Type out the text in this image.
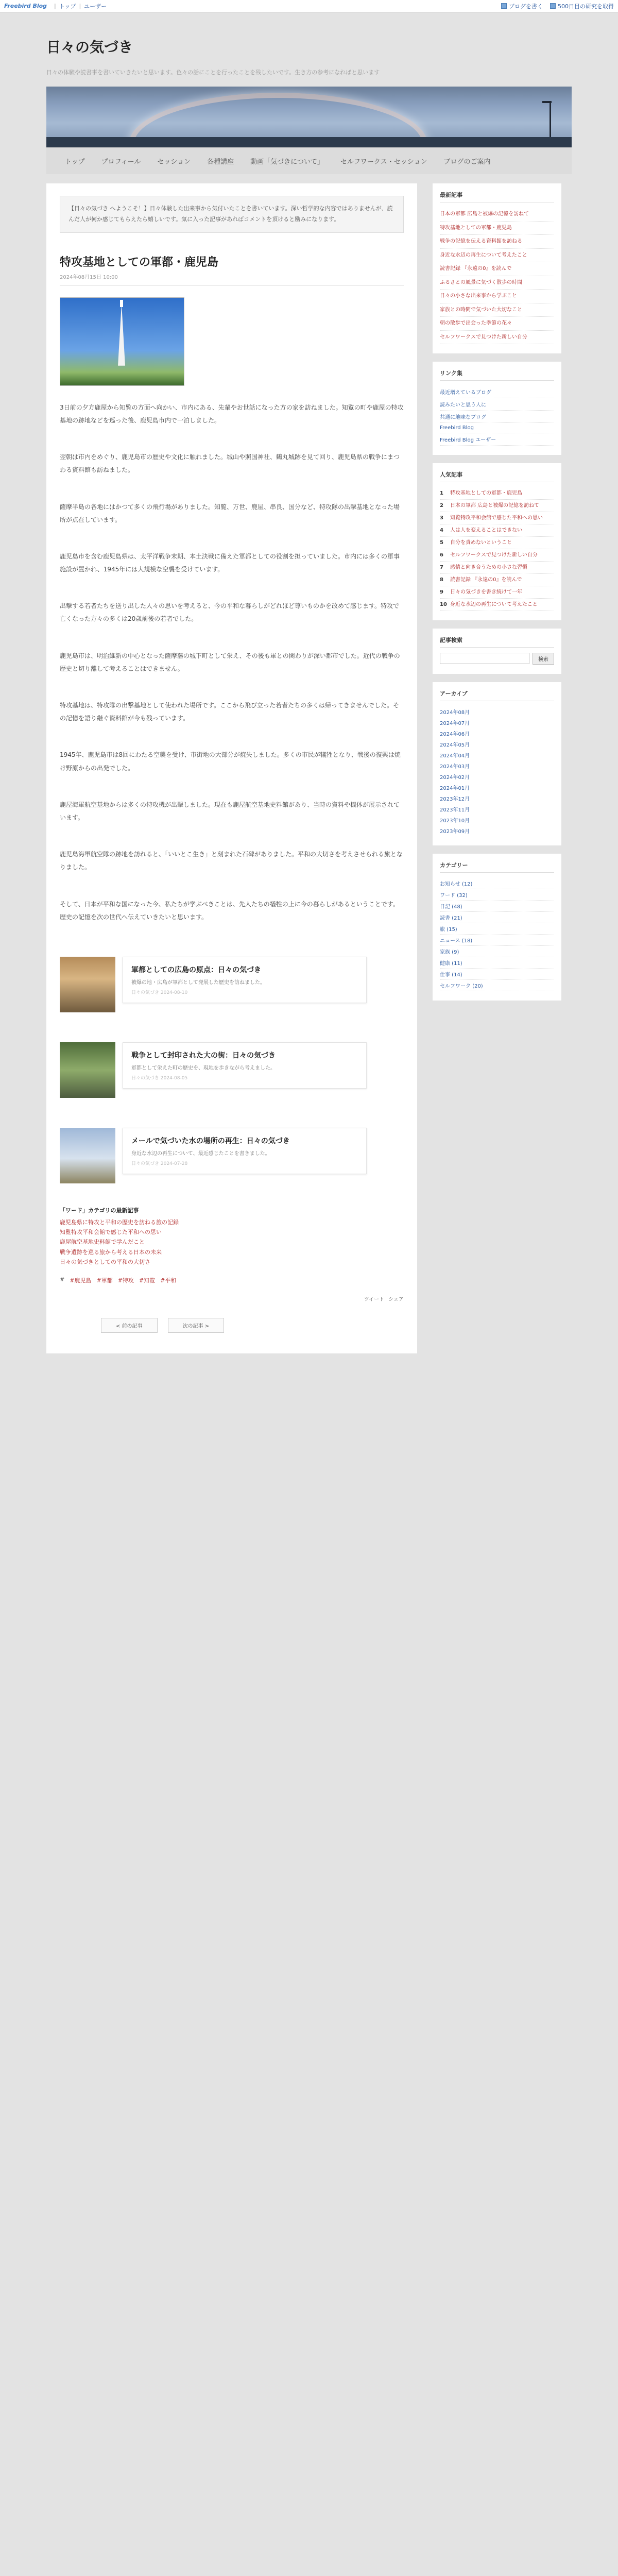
Freebird Blog | トップ | ユーザー	ブログを書く	500日目の研究を取得
日々の気づき
日々の体験や読書事を書いていきたいと思います。色々の話にことを行ったことを残したいです。生き方の参考になればと思います
トップ	プロフィール	セッション	各種講座	動画「気づきについて」	セルフワークス・セッション	ブログのご案内
【日々の気づき へようこそ！】日々体験した出来事から気付いたことを書いています。深い哲学的な内容ではありませんが、読んだ人が何か感じてもらえたら嬉しいです。気に入った記事があればコメントを頂けると励みになります。
特攻基地としての軍都・鹿児島
2024年08月15日 10:00

3日前の夕方鹿屋から知覧の方面へ向かい、市内にある、先輩やお世話になった方の家を訪ねました。知覧の町や鹿屋の特攻基地の跡地などを巡った後、鹿児島市内で一泊しました。

翌朝は市内をめぐり、鹿児島市の歴史や文化に触れました。城山や照国神社、鶴丸城跡を見て回り、鹿児島県の戦争にまつわる資料館も訪ねました。

薩摩半島の各地にはかつて多くの飛行場がありました。知覧、万世、鹿屋、串良、国分など、特攻隊の出撃基地となった場所が点在しています。

鹿児島市を含む鹿児島県は、太平洋戦争末期、本土決戦に備えた軍都としての役割を担っていました。市内には多くの軍事施設が置かれ、1945年には大規模な空襲を受けています。

出撃する若者たちを送り出した人々の思いを考えると、今の平和な暮らしがどれほど尊いものかを改めて感じます。特攻で亡くなった方々の多くは20歳前後の若者でした。

鹿児島市は、明治維新の中心となった薩摩藩の城下町として栄え、その後も軍との関わりが深い都市でした。近代の戦争の歴史と切り離して考えることはできません。

特攻基地は、特攻隊の出撃基地として使われた場所です。ここから飛び立った若者たちの多くは帰ってきませんでした。その記憶を語り継ぐ資料館が今も残っています。

1945年、鹿児島市は8回にわたる空襲を受け、市街地の大部分が焼失しました。多くの市民が犠牲となり、戦後の復興は焼け野原からの出発でした。

鹿屋海軍航空基地からは多くの特攻機が出撃しました。現在も鹿屋航空基地史料館があり、当時の資料や機体が展示されています。

鹿児島海軍航空隊の跡地を訪れると、「いいとこ生き」と刻まれた石碑がありました。平和の大切さを考えさせられる旅となりました。

そして、日本が平和な国になった今、私たちが学ぶべきことは、先人たちの犠牲の上に今の暮らしがあるということです。歴史の記憶を次の世代へ伝えていきたいと思います。

軍都としての広島の原点：日々の気づき
被爆の地・広島が軍都として発展した歴史を訪ねました。
日々の気づき 2024-08-10
戦争として封印された大の街：日々の気づき
軍都として栄えた町の歴史を、現地を歩きながら考えました。
日々の気づき 2024-08-05
メールで気づいた水の場所の再生：日々の気づき
身近な水辺の再生について、最近感じたことを書きました。
日々の気づき 2024-07-28
「ワード」カテゴリの最新記事
鹿児島県に特攻と平和の歴史を訪ねる旅の記録
知覧特攻平和会館で感じた平和への思い
鹿屋航空基地史料館で学んだこと
戦争遺跡を巡る旅から考える日本の未来
日々の気づきとしての平和の大切さ
# #鹿児島 #軍都 #特攻 #知覧 #平和
ツイート シェア
< 前の記事	次の記事 >
最新記事
日本の軍都 広島と被爆の記憶を訪ねて
特攻基地としての軍都・鹿児島
戦争の記憶を伝える資料館を訪ねる
身近な水辺の再生について考えたこと
読書記録 『永遠の0』を読んで
ふるさとの風景に気づく散歩の時間
日々の小さな出来事から学ぶこと
家族との時間で気づいた大切なこと
朝の散歩で出会った季節の花々
セルフワークスで見つけた新しい自分
リンク集
最近増えているブログ
読みたいと思う人に
共通に地味なブログ
Freebird Blog
Freebird Blog ユーザー
人気記事
1	特攻基地としての軍都・鹿児島
2	日本の軍都 広島と被爆の記憶を訪ねて
3	知覧特攻平和会館で感じた平和への思い
4	人は人を変えることはできない
5	自分を責めないということ
6	セルフワークスで見つけた新しい自分
7	感情と向き合うための小さな習慣
8	読書記録 『永遠の0』を読んで
9	日々の気づきを書き続けて一年
10 身近な水辺の再生について考えたこと
記事検索
検索
アーカイブ
2024年08月
2024年07月
2024年06月
2024年05月
2024年04月
2024年03月
2024年02月
2024年01月
2023年12月
2023年11月
2023年10月
2023年09月
カテゴリー
お知らせ (12)
ワード (32)
日記 (48)
読書 (21)
旅 (15)
ニュース (18)
家族 (9)
健康 (11)
仕事 (14)
セルフワーク (20)
